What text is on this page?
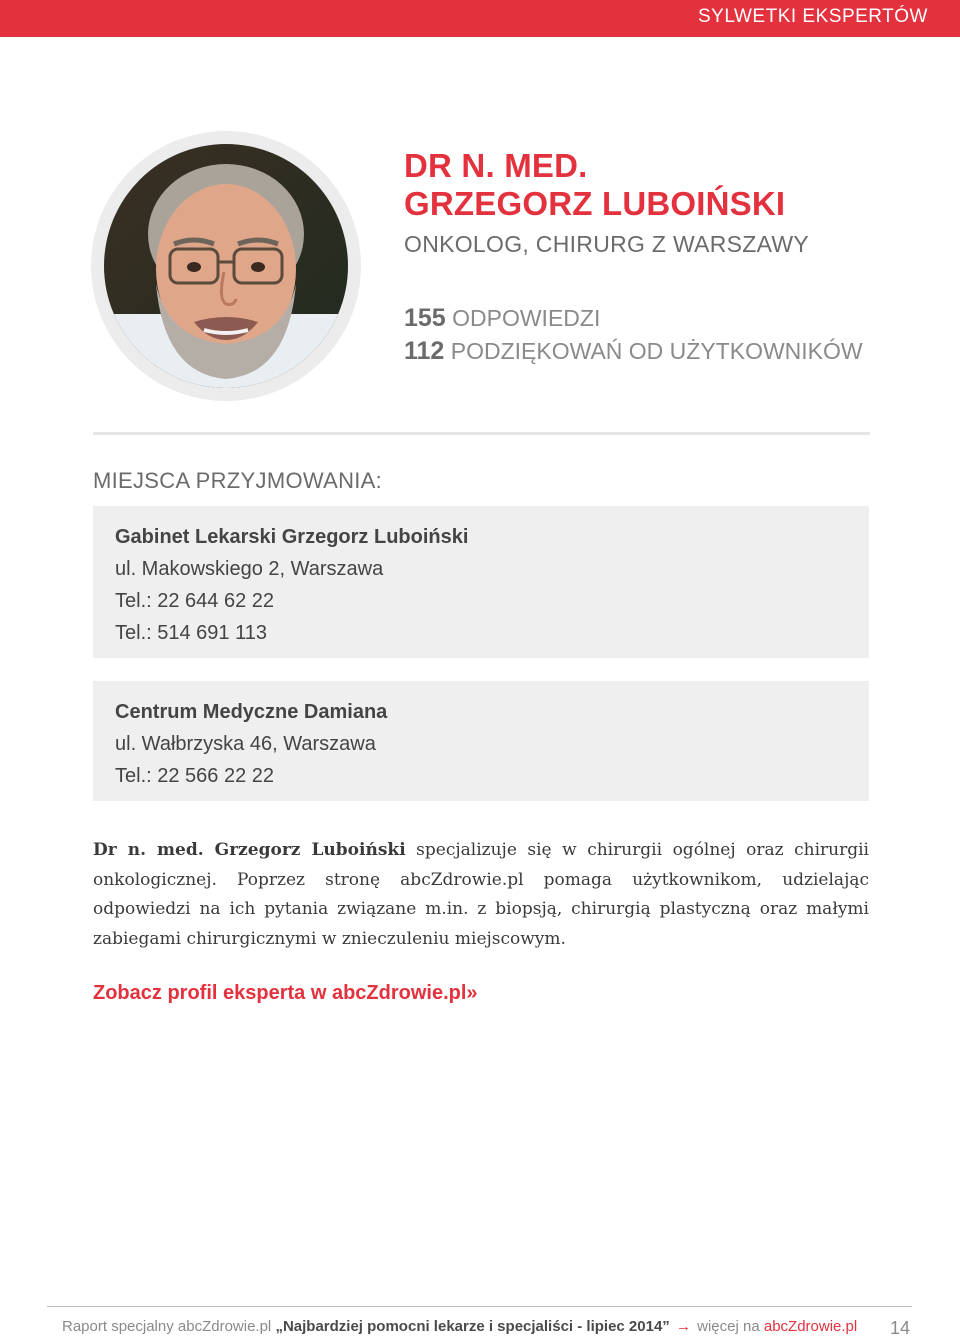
SYLWETKI EKSPERTÓW
DR N. MED.
GRZEGORZ LUBOIŃSKI
ONKOLOG, CHIRURG Z WARSZAWY
155 ODPOWIEDZI
112 PODZIĘKOWAŃ OD UŻYTKOWNIKÓW
MIEJSCA PRZYJMOWANIA:
Gabinet Lekarski Grzegorz Luboiński
ul. Makowskiego 2, Warszawa
Tel.: 22 644 62 22
Tel.: 514 691 113
Centrum Medyczne Damiana
ul. Wałbrzyska 46, Warszawa
Tel.: 22 566 22 22
Dr n. med. Grzegorz Luboiński specjalizuje się w chirurgii ogólnej oraz chirurgii onkologicznej. Poprzez stronę abcZdrowie.pl pomaga użytkownikom, udzielając odpowiedzi na ich pytania związane m.in. z biopsją, chirurgią plastyczną oraz małymi zabiegami chirurgicznymi w znieczuleniu miejscowym.
Zobacz profil eksperta w abcZdrowie.pl»
Raport specjalny abcZdrowie.pl „Najbardziej pomocni lekarze i specjaliści - lipiec 2014” → więcej na abcZdrowie.pl 14
